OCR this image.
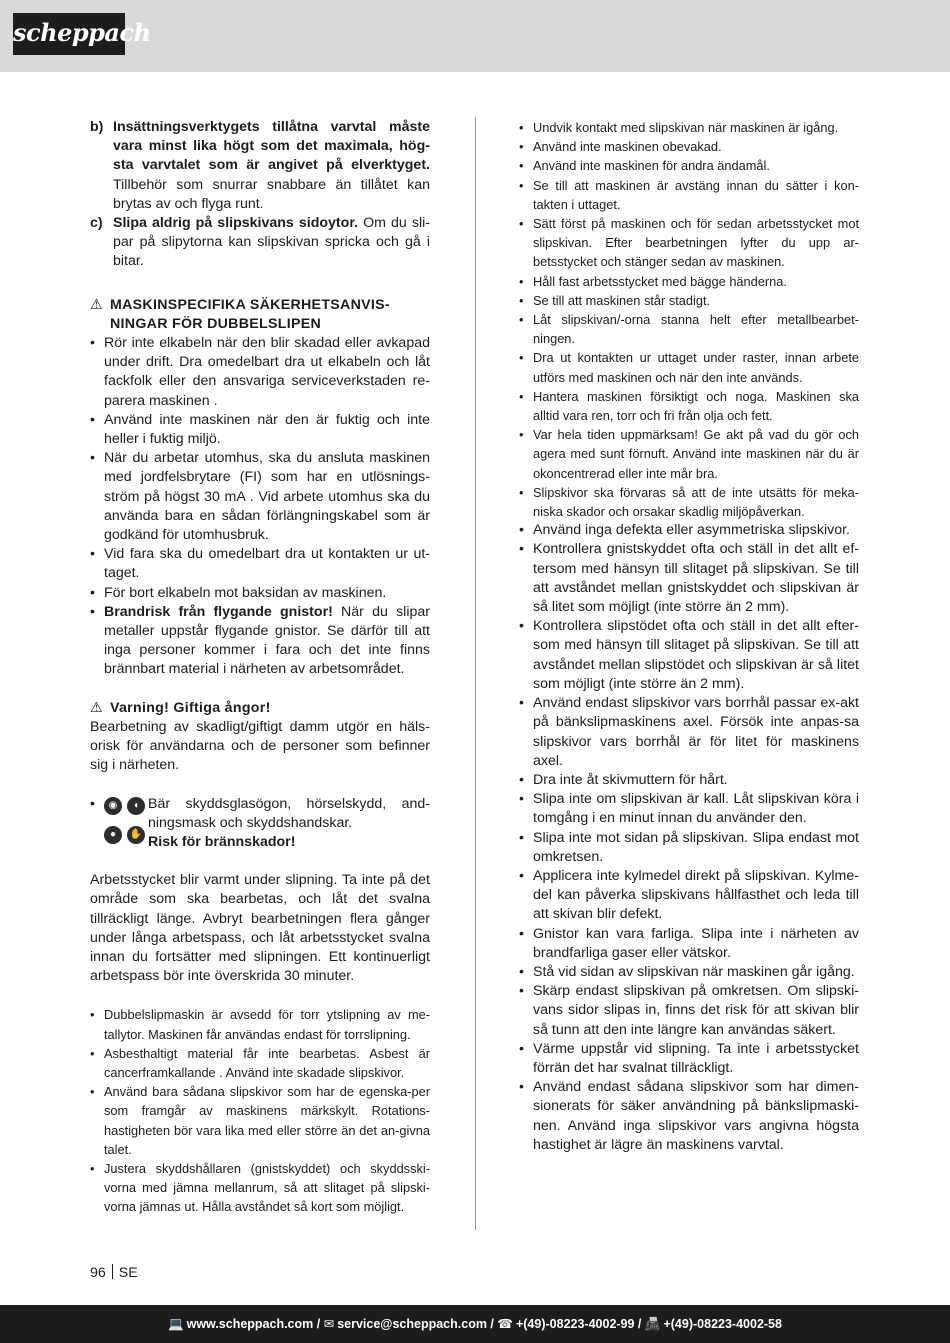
scheppach
b) Insättningsverktygets tillåtna varvtal måste vara minst lika högt som det maximala, hög-sta varvtalet som är angivet på elverktyget. Tillbehör som snurrar snabbare än tillåtet kan brytas av och flyga runt.
c) Slipa aldrig på slipskivans sidoytor. Om du sli-par på slipytorna kan slipskivan spricka och gå i bitar.
⚠ MASKINSPECIFIKA SÄKERHETSANVIS-NINGAR FÖR DUBBELSLIPEN
• Rör inte elkabeln när den blir skadad eller avkapad under drift. Dra omedelbart dra ut elkabeln och låt fackfolk eller den ansvariga serviceverkstaden re-parera maskinen .
• Använd inte maskinen när den är fuktig och inte heller i fuktig miljö.
• När du arbetar utomhus, ska du ansluta maskinen med jordfelsbrytare (FI) som har en utlösnings-ström på högst 30 mA . Vid arbete utomhus ska du använda bara en sådan förlängningskabel som är godkänd för utomhusbruk.
• Vid fara ska du omedelbart dra ut kontakten ur ut-taget.
• För bort elkabeln mot baksidan av maskinen.
• Brandrisk från flygande gnistor! När du slipar metaller uppstår flygande gnistor. Se därför till att inga personer kommer i fara och det inte finns brännbart material i närheten av arbetsområdet.
⚠ Varning! Giftiga ångor!

Bearbetning av skadligt/giftigt damm utgör en häls-orisk för användarna och de personer som befinner sig i närheten.

•	◉	◖
●	✋
Bär skyddsglasögon, hörselskydd, and-ningsmask och skyddshandskar.
Risk för brännskador!

Arbetsstycket blir varmt under slipning. Ta inte på det område som ska bearbetas, och låt det svalna tillräckligt länge. Avbryt bearbetningen flera gånger under långa arbetspass, och låt arbetsstycket svalna innan du fortsätter med slipningen. Ett kontinuerligt arbetspass bör inte överskrida 30 minuter.

• Dubbelslipmaskin är avsedd för torr ytslipning av me-tallytor. Maskinen får användas endast för torrslipning.
• Asbesthaltigt material får inte bearbetas. Asbest är cancerframkallande . Använd inte skadade slipskivor.
• Använd bara sådana slipskivor som har de egenska-per som framgår av maskinens märkskylt. Rotations-hastigheten bör vara lika med eller större än det an-givna talet.
• Justera skyddshållaren (gnistskyddet) och skyddsski-vorna med jämna mellanrum, så att slitaget på slipski-vorna jämnas ut. Hålla avståndet så kort som möjligt.
• Undvik kontakt med slipskivan när maskinen är igång.
• Använd inte maskinen obevakad.
• Använd inte maskinen för andra ändamål.
• Se till att maskinen är avstäng innan du sätter i kon-takten i uttaget.
• Sätt först på maskinen och för sedan arbetsstycket mot slipskivan. Efter bearbetningen lyfter du upp ar-betsstycket och stänger sedan av maskinen.
• Håll fast arbetsstycket med bägge händerna.
• Se till att maskinen står stadigt.
• Låt slipskivan/-orna stanna helt efter metallbearbet-ningen.
• Dra ut kontakten ur uttaget under raster, innan arbete utförs med maskinen och när den inte används.
• Hantera maskinen försiktigt och noga. Maskinen ska alltid vara ren, torr och fri från olja och fett.
• Var hela tiden uppmärksam! Ge akt på vad du gör och agera med sunt förnuft. Använd inte maskinen när du är okoncentrerad eller inte mår bra.
• Slipskivor ska förvaras så att de inte utsätts för meka-niska skador och orsakar skadlig miljöpåverkan.
• Använd inga defekta eller asymmetriska slipskivor.
• Kontrollera gnistskyddet ofta och ställ in det allt ef-tersom med hänsyn till slitaget på slipskivan. Se till att avståndet mellan gnistskyddet och slipskivan är så litet som möjligt (inte större än 2 mm).
• Kontrollera slipstödet ofta och ställ in det allt efter-som med hänsyn till slitaget på slipskivan. Se till att avståndet mellan slipstödet och slipskivan är så litet som möjligt (inte större än 2 mm).
• Använd endast slipskivor vars borrhål passar ex-akt på bänkslipmaskinens axel. Försök inte anpas-sa slipskivor vars borrhål är för litet för maskinens axel.
• Dra inte åt skivmuttern för hårt.
• Slipa inte om slipskivan är kall. Låt slipskivan köra i tomgång i en minut innan du använder den.
• Slipa inte mot sidan på slipskivan. Slipa endast mot omkretsen.
• Applicera inte kylmedel direkt på slipskivan. Kylme-del kan påverka slipskivans hållfasthet och leda till att skivan blir defekt.
• Gnistor kan vara farliga. Slipa inte i närheten av brandfarliga gaser eller vätskor.
• Stå vid sidan av slipskivan när maskinen går igång.
• Skärp endast slipskivan på omkretsen. Om slipski-vans sidor slipas in, finns det risk för att skivan blir så tunn att den inte längre kan användas säkert.
• Värme uppstår vid slipning. Ta inte i arbetsstycket förrän det har svalnat tillräckligt.
• Använd endast sådana slipskivor som har dimen-sionerats för säker användning på bänkslipmaski-nen. Använd inga slipskivor vars angivna högsta hastighet är lägre än maskinens varvtal.
96 SE
💻 www.scheppach.com / ✉ service@scheppach.com / ☎ +(49)-08223-4002-99 / 📠 +(49)-08223-4002-58
